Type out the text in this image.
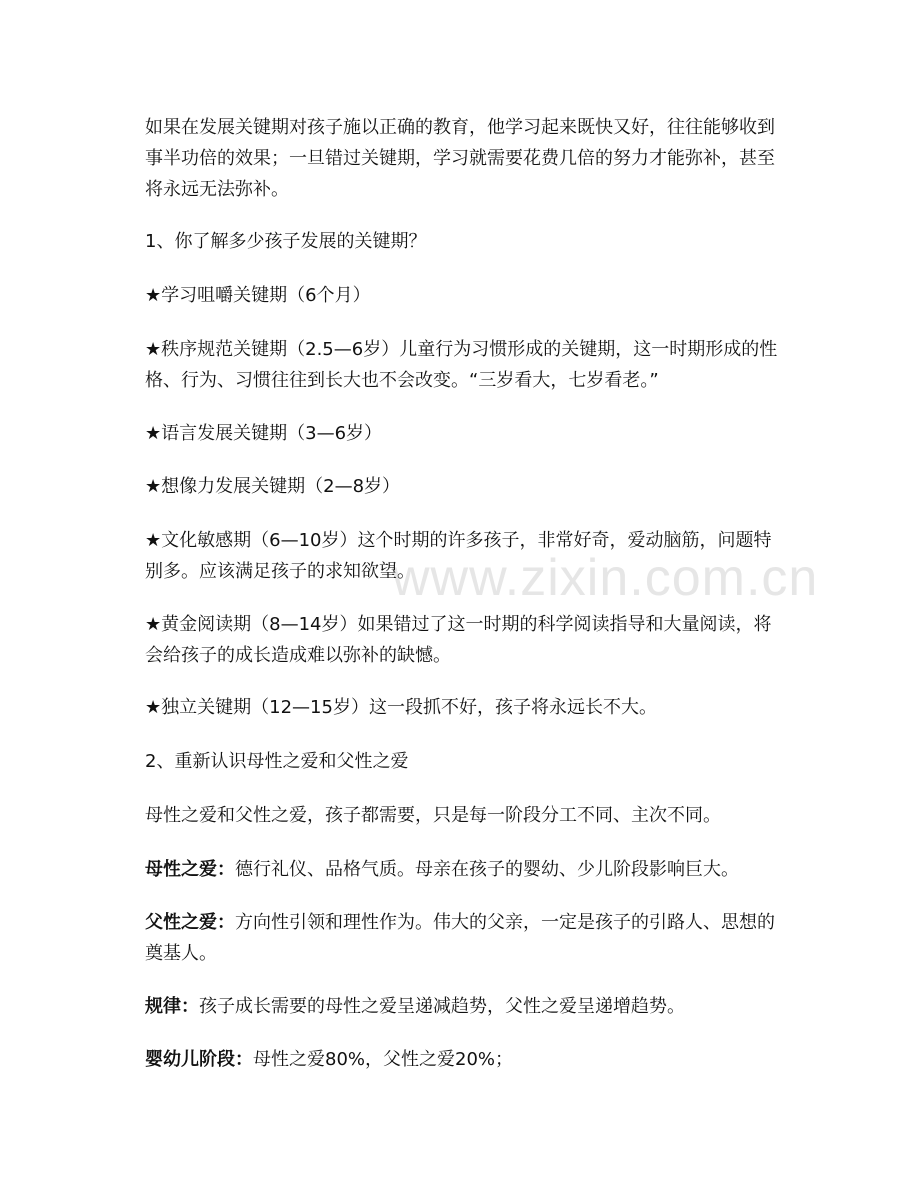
www.zixin.com.cn

如果在发展关键期对孩子施以正确的教育，他学习起来既快又好，往往能够收到事半功倍的效果；一旦错过关键期，学习就需要花费几倍的努力才能弥补，甚至将永远无法弥补。

1、你了解多少孩子发展的关键期？

★学习咀嚼关键期（6个月）

★秩序规范关键期（2.5—6岁）儿童行为习惯形成的关键期，这一时期形成的性格、行为、习惯往往到长大也不会改变。“三岁看大，七岁看老。”

★语言发展关键期（3—6岁）

★想像力发展关键期（2—8岁）

★文化敏感期（6—10岁）这个时期的许多孩子，非常好奇，爱动脑筋，问题特别多。应该满足孩子的求知欲望。

★黄金阅读期（8—14岁）如果错过了这一时期的科学阅读指导和大量阅读，将会给孩子的成长造成难以弥补的缺憾。

★独立关键期（12—15岁）这一段抓不好，孩子将永远长不大。

2、重新认识母性之爱和父性之爱

母性之爱和父性之爱，孩子都需要，只是每一阶段分工不同、主次不同。

母性之爱：德行礼仪、品格气质。母亲在孩子的婴幼、少儿阶段影响巨大。

父性之爱：方向性引领和理性作为。伟大的父亲，一定是孩子的引路人、思想的奠基人。

规律：孩子成长需要的母性之爱呈递减趋势，父性之爱呈递增趋势。

婴幼儿阶段：母性之爱80%，父性之爱20%；
